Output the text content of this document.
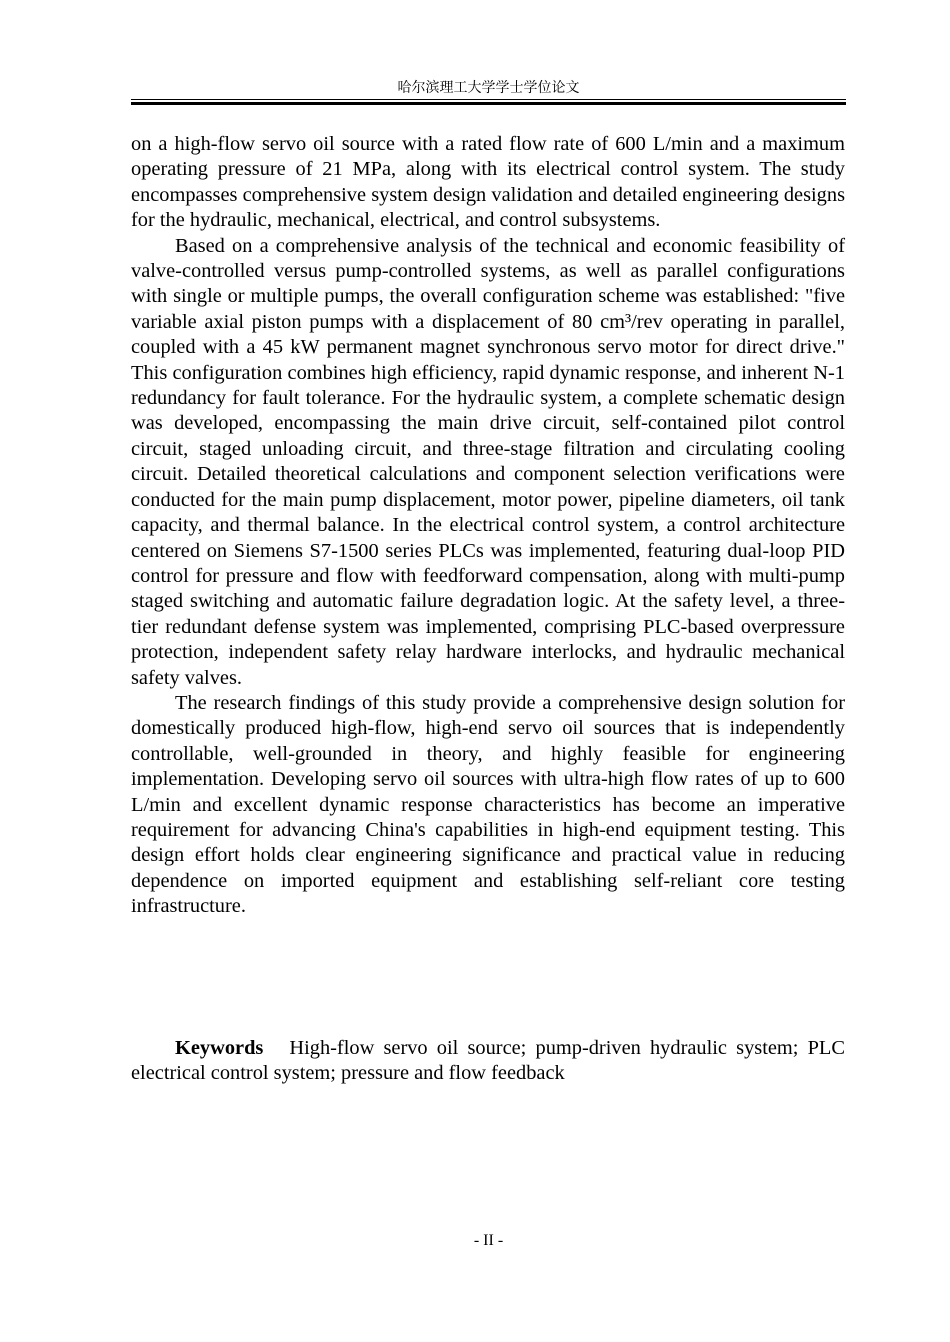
哈尔滨理工大学学士学位论文

on a high-flow servo oil source with a rated flow rate of 600 L/min and a maximum operating pressure of 21 MPa, along with its electrical control system. The study encompasses comprehensive system design validation and detailed engineering designs for the hydraulic, mechanical, electrical, and control subsystems.

Based on a comprehensive analysis of the technical and economic feasibility of valve-controlled versus pump-controlled systems, as well as parallel configurations with single or multiple pumps, the overall configuration scheme was established: "five variable axial piston pumps with a displacement of 80 cm³/rev operating in parallel, coupled with a 45 kW permanent magnet synchronous servo motor for direct drive." This configuration combines high efficiency, rapid dynamic response, and inherent N-1 redundancy for fault tolerance. For the hydraulic system, a complete schematic design was developed, encompassing the main drive circuit, self-contained pilot control circuit, staged unloading circuit, and three-stage filtration and circulating cooling circuit. Detailed theoretical calculations and component selection verifications were conducted for the main pump displacement, motor power, pipeline diameters, oil tank capacity, and thermal balance. In the electrical control system, a control architecture centered on Siemens S7-1500 series PLCs was implemented, featuring dual-loop PID control for pressure and flow with feedforward compensation, along with multi-pump staged switching and automatic failure degradation logic. At the safety level, a three-tier redundant defense system was implemented, comprising PLC-based overpressure protection, independent safety relay hardware interlocks, and hydraulic mechanical safety valves.

The research findings of this study provide a comprehensive design solution for domestically produced high-flow, high-end servo oil sources that is independently controllable, well-grounded in theory, and highly feasible for engineering implementation. Developing servo oil sources with ultra-high flow rates of up to 600 L/min and excellent dynamic response characteristics has become an imperative requirement for advancing China's capabilities in high-end equipment testing. This design effort holds clear engineering significance and practical value in reducing dependence on imported equipment and establishing self-reliant core testing infrastructure.

Keywords High-flow servo oil source; pump-driven hydraulic system; PLC electrical control system; pressure and flow feedback
- II -
